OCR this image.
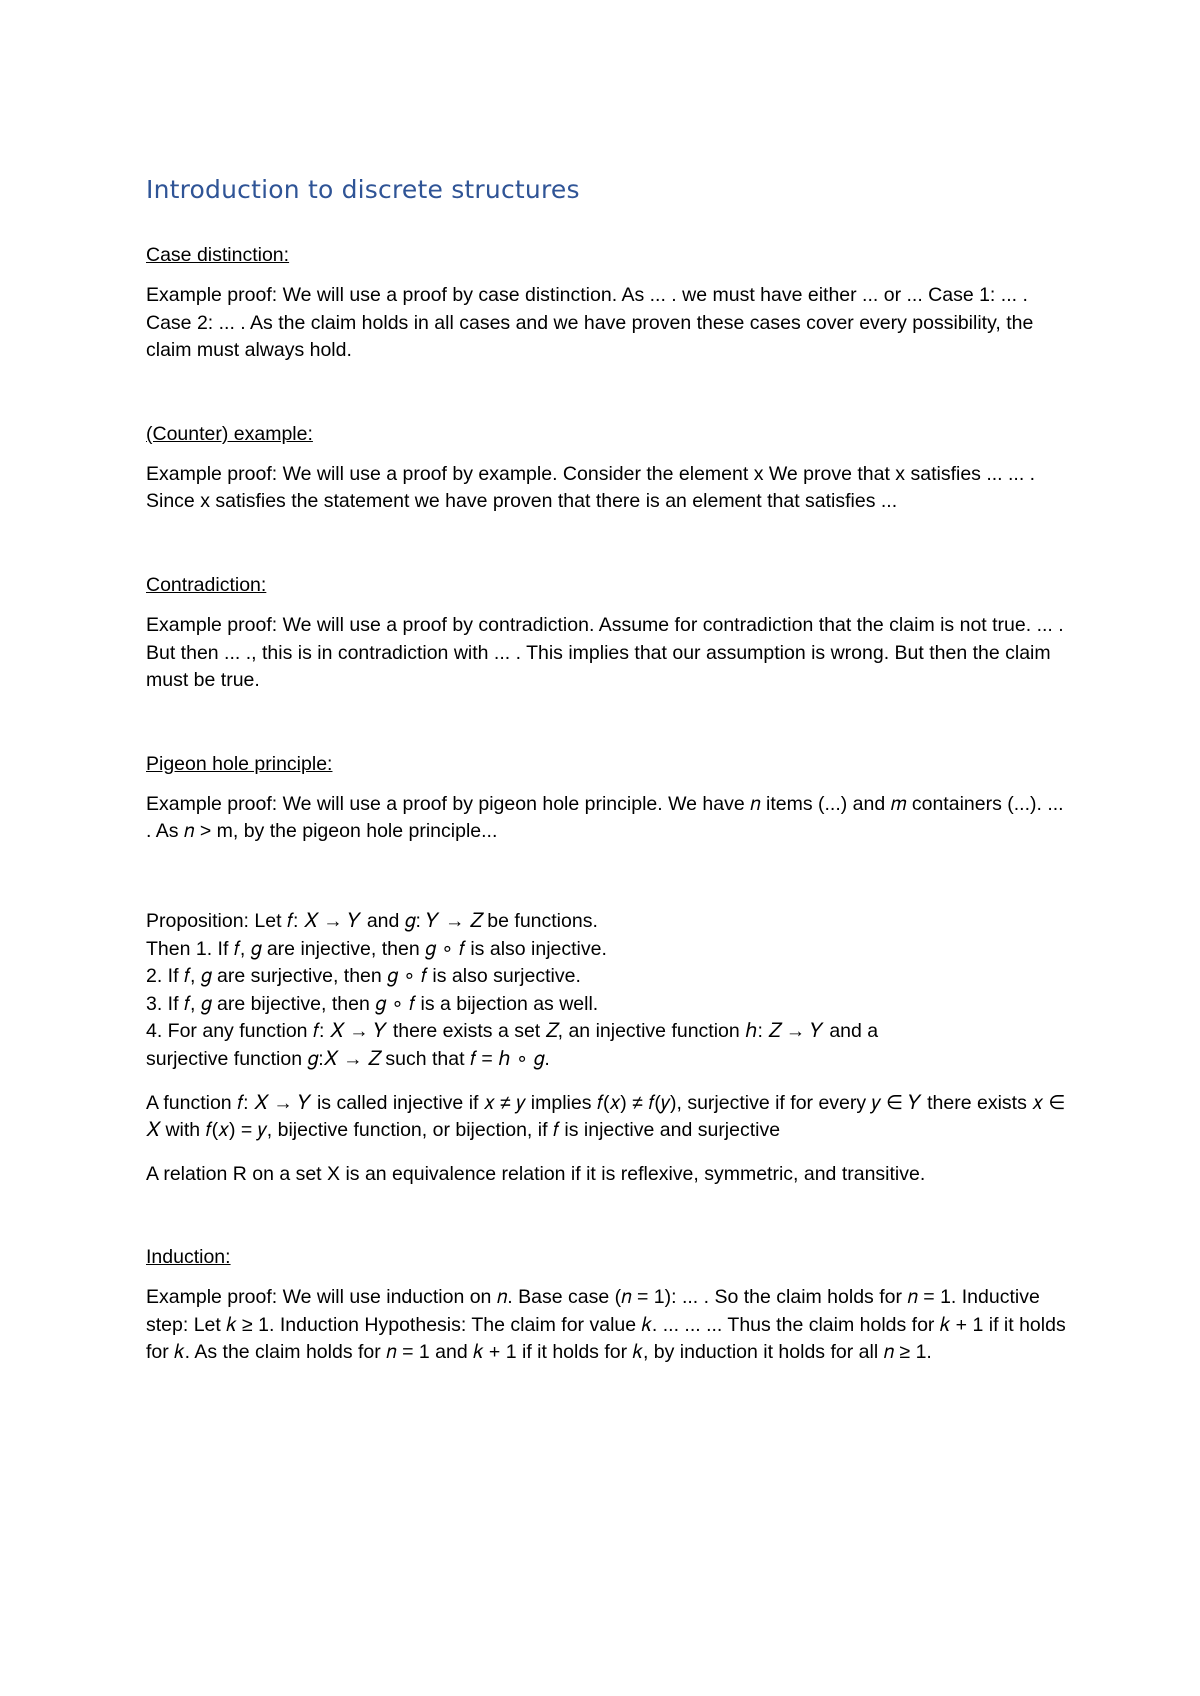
Introduction to discrete structures
Case distinction:

Example proof: We will use a proof by case distinction. As ... . we must have either ... or ... Case 1: ... . Case 2: ... . As the claim holds in all cases and we have proven these cases cover every possibility, the claim must always hold.

(Counter) example:

Example proof: We will use a proof by example. Consider the element x We prove that x satisfies ... ... . Since x satisfies the statement we have proven that there is an element that satisfies ...

Contradiction:

Example proof: We will use a proof by contradiction. Assume for contradiction that the claim is not true. ... . But then ... ., this is in contradiction with ... . This implies that our assumption is wrong. But then the claim must be true.

Pigeon hole principle:

Example proof: We will use a proof by pigeon hole principle. We have 𝑛 items (...) and 𝑚 containers (...). ... . As 𝑛 > m, by the pigeon hole principle...

Proposition: Let 𝑓: 𝑋 → 𝑌 and 𝑔: 𝑌 → 𝑍 be functions.

Then 1. If 𝑓, 𝑔 are injective, then 𝑔 ∘ 𝑓 is also injective.

2. If 𝑓, 𝑔 are surjective, then 𝑔 ∘ 𝑓 is also surjective.

3. If 𝑓, 𝑔 are bijective, then 𝑔 ∘ 𝑓 is a bijection as well.

4. For any function 𝑓: 𝑋 → 𝑌 there exists a set 𝑍, an injective function ℎ: 𝑍 → 𝑌 and a

surjective function 𝑔:𝑋 → 𝑍 such that 𝑓 = ℎ ∘ 𝑔.

A function 𝑓: 𝑋 → 𝑌 is called injective if 𝑥 ≠ 𝑦 implies 𝑓(𝑥) ≠ 𝑓(𝑦), surjective if for every 𝑦 ∈ 𝑌 there exists 𝑥 ∈ 𝑋 with 𝑓(𝑥) = 𝑦, bijective function, or bijection, if 𝑓 is injective and surjective

A relation R on a set X is an equivalence relation if it is reflexive, symmetric, and transitive.

Induction:

Example proof: We will use induction on 𝑛. Base case (𝑛 = 1): ... . So the claim holds for 𝑛 = 1. Inductive step: Let 𝑘 ≥ 1. Induction Hypothesis: The claim for value 𝑘. ... ... ... Thus the claim holds for 𝑘 + 1 if it holds for 𝑘. As the claim holds for 𝑛 = 1 and 𝑘 + 1 if it holds for 𝑘, by induction it holds for all 𝑛 ≥ 1.
